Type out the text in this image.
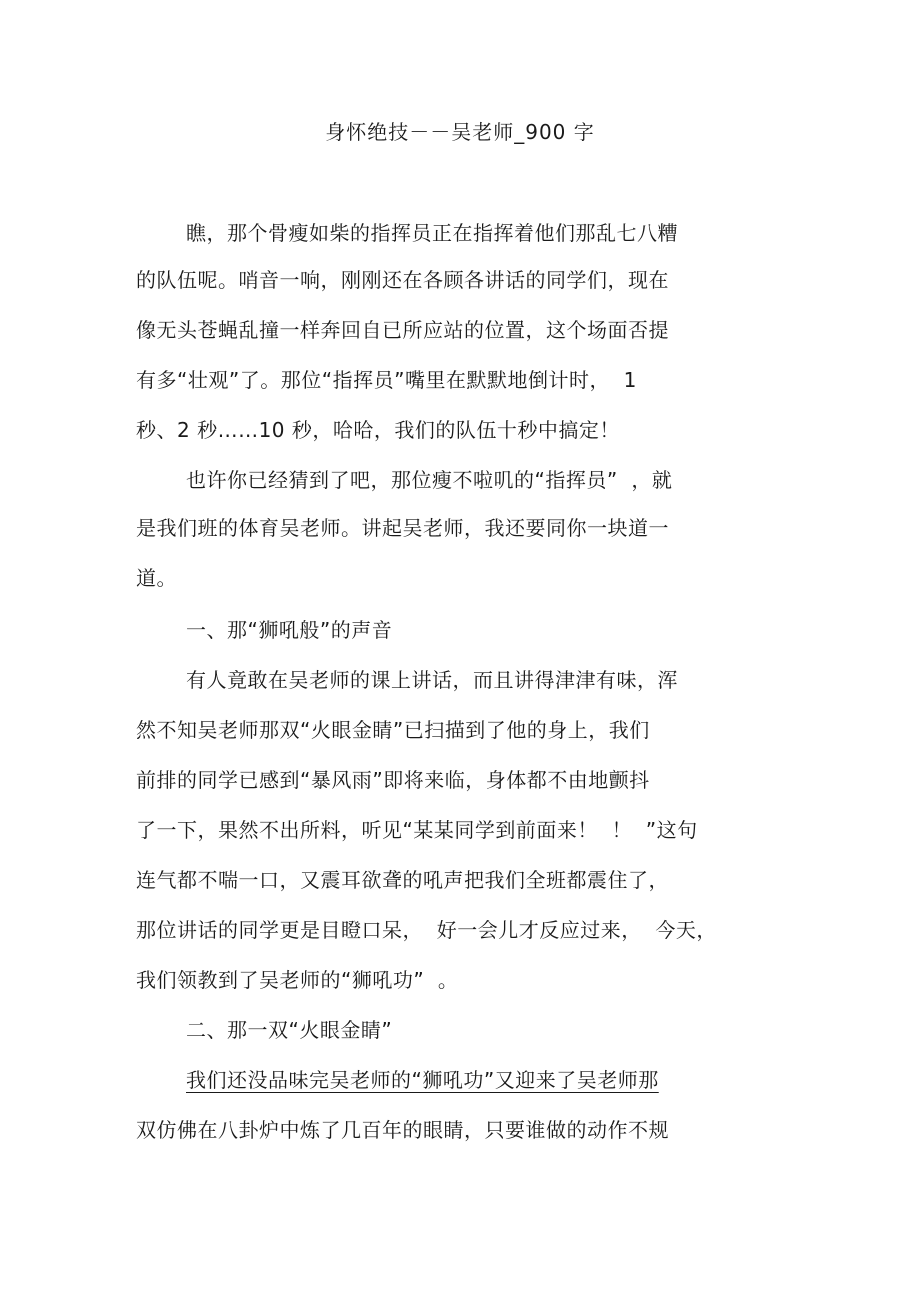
身怀绝技－－吴老师_900 字
瞧，那个骨瘦如柴的指挥员正在指挥着他们那乱七八糟
的队伍呢。哨音一响，刚刚还在各顾各讲话的同学们，现在
像无头苍蝇乱撞一样奔回自已所应站的位置，这个场面否提
有多“壮观”了。那位“指挥员”嘴里在默默地倒计时，  1
秒、2 秒……10 秒，哈哈，我们的队伍十秒中搞定！
也许你已经猜到了吧，那位瘦不啦叽的“指挥员”  ，就
是我们班的体育吴老师。讲起吴老师，我还要同你一块道一
道。
一、那“狮吼般”的声音
有人竟敢在吴老师的课上讲话，而且讲得津津有味，浑
然不知吴老师那双“火眼金睛”已扫描到了他的身上，我们
前排的同学已感到“暴风雨”即将来临，身体都不由地颤抖
了一下，果然不出所料，听见“某某同学到前面来！  ！  ”这句
连气都不喘一口，又震耳欲聋的吼声把我们全班都震住了，
那位讲话的同学更是目瞪口呆，  好一会儿才反应过来，  今天，
我们领教到了吴老师的“狮吼功”  。
二、那一双“火眼金睛”
我们还没品味完吴老师的“狮吼功”又迎来了吴老师那
双仿佛在八卦炉中炼了几百年的眼睛，只要谁做的动作不规
